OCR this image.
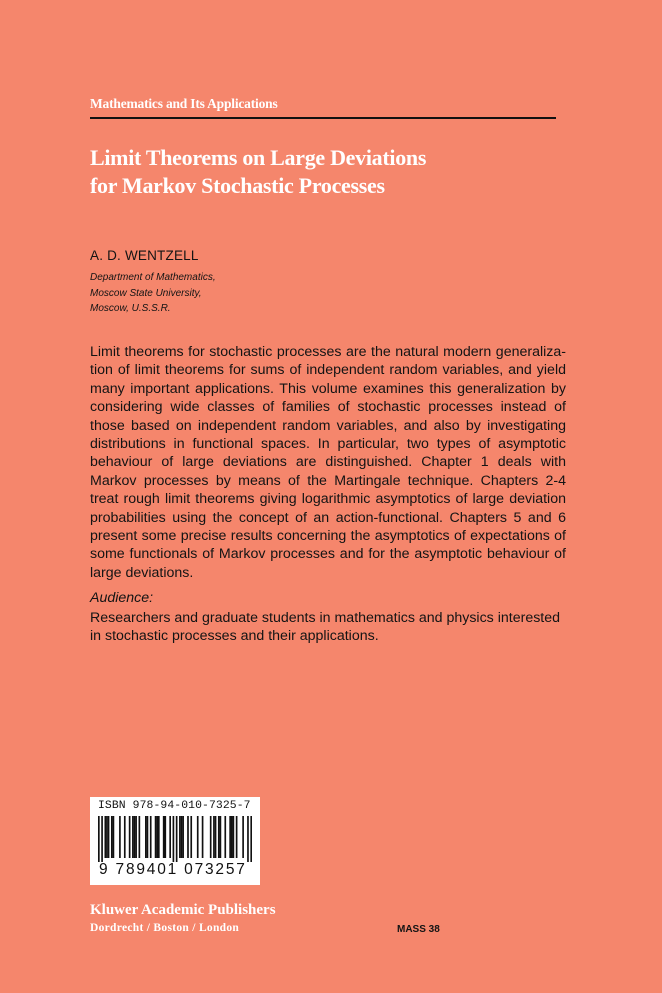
Mathematics and Its Applications
Limit Theorems on Large Deviations
for Markov Stochastic Processes
A. D. WENTZELL
Department of Mathematics,
Moscow State University,
Moscow, U.S.S.R.
Limit theorems for stochastic processes are the natural modern generaliza-
tion of limit theorems for sums of independent random variables, and yield
many important applications. This volume examines this generalization by
considering wide classes of families of stochastic processes instead of
those based on independent random variables, and also by investigating
distributions in functional spaces. In particular, two types of asymptotic
behaviour of large deviations are distinguished. Chapter 1 deals with
Markov processes by means of the Martingale technique. Chapters 2-4
treat rough limit theorems giving logarithmic asymptotics of large deviation
probabilities using the concept of an action-functional. Chapters 5 and 6
present some precise results concerning the asymptotics of expectations of
some functionals of Markov processes and for the asymptotic behaviour of
large deviations.
Audience:
Researchers and graduate students in mathematics and physics interested
in stochastic processes and their applications.
ISBN 978-94-010-7325-7
9 789401 073257
Kluwer Academic Publishers
Dordrecht / Boston / London	MASS 38
